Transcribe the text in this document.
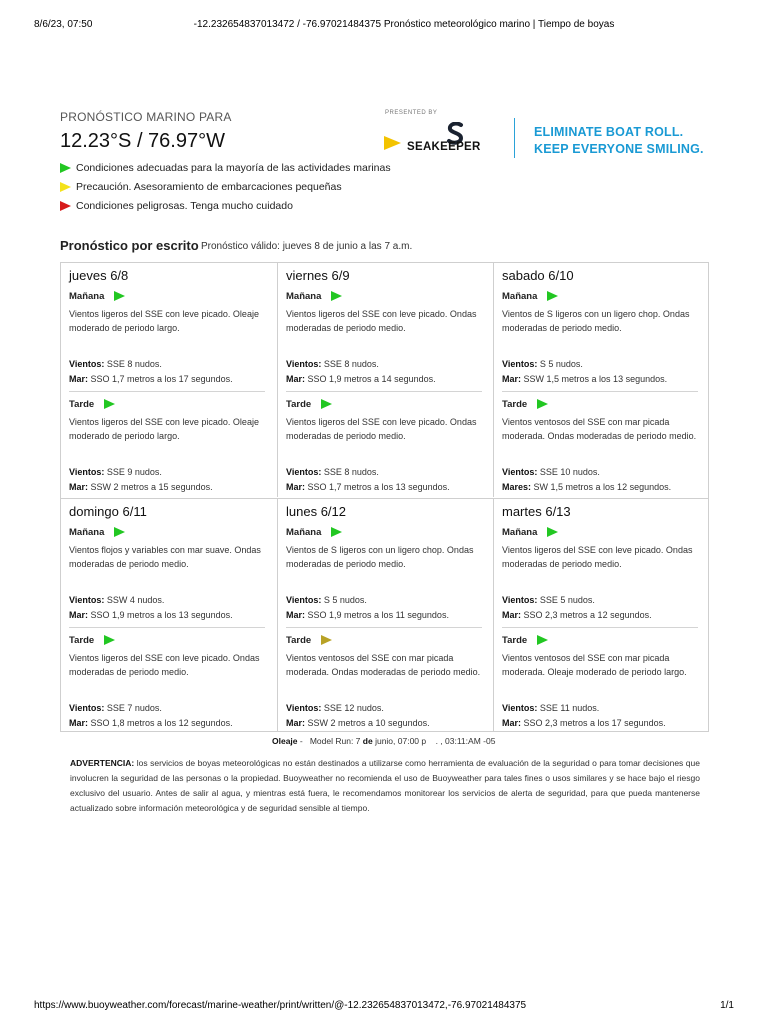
8/6/23, 07:50	-12.232654837013472 / -76.97021484375 Pronóstico meteorológico marino | Tiempo de boyas
PRONÓSTICO MARINO PARA
12.23°S / 76.97°W
Condiciones adecuadas para la mayoría de las actividades marinas
Precaución. Asesoramiento de embarcaciones pequeñas
Condiciones peligrosas. Tenga mucho cuidado
PRESENTED BY
SEAKEEPER
ELIMINATE BOAT ROLL.
KEEP EVERYONE SMILING.
Pronóstico por escrito Pronóstico válido: jueves 8 de junio a las 7 a.m.
jueves 6/8
Mañana
Vientos ligeros del SSE con leve picado. Oleaje moderado de periodo largo.
Vientos: SSE 8 nudos.
Mar: SSO 1,7 metros a los 17 segundos.
Tarde
Vientos ligeros del SSE con leve picado. Oleaje moderado de periodo largo.
Vientos: SSE 9 nudos.
Mar: SSW 2 metros a 15 segundos.
viernes 6/9
Mañana
Vientos ligeros del SSE con leve picado. Ondas moderadas de periodo medio.
Vientos: SSE 8 nudos.
Mar: SSO 1,9 metros a 14 segundos.
Tarde
Vientos ligeros del SSE con leve picado. Ondas moderadas de periodo medio.
Vientos: SSE 8 nudos.
Mar: SSO 1,7 metros a los 13 segundos.
sabado 6/10
Mañana
Vientos de S ligeros con un ligero chop. Ondas moderadas de periodo medio.
Vientos: S 5 nudos.
Mar: SSW 1,5 metros a los 13 segundos.
Tarde
Vientos ventosos del SSE con mar picada moderada. Ondas moderadas de periodo medio.
Vientos: SSE 10 nudos.
Mares: SW 1,5 metros a los 12 segundos.
domingo 6/11
Mañana
Vientos flojos y variables con mar suave. Ondas moderadas de periodo medio.
Vientos: SSW 4 nudos.
Mar: SSO 1,9 metros a los 13 segundos.
Tarde
Vientos ligeros del SSE con leve picado. Ondas moderadas de periodo medio.
Vientos: SSE 7 nudos.
Mar: SSO 1,8 metros a los 12 segundos.
lunes 6/12
Mañana
Vientos de S ligeros con un ligero chop. Ondas moderadas de periodo medio.
Vientos: S 5 nudos.
Mar: SSO 1,9 metros a los 11 segundos.
Tarde
Vientos ventosos del SSE con mar picada moderada. Ondas moderadas de periodo medio.
Vientos: SSE 12 nudos.
Mar: SSW 2 metros a 10 segundos.
martes 6/13
Mañana
Vientos ligeros del SSE con leve picado. Ondas moderadas de periodo medio.
Vientos: SSE 5 nudos.
Mar: SSO 2,3 metros a 12 segundos.
Tarde
Vientos ventosos del SSE con mar picada moderada. Oleaje moderado de periodo largo.
Vientos: SSE 11 nudos.
Mar: SSO 2,3 metros a los 17 segundos.
Oleaje - Model Run: 7 de junio, 07:00 p . , 03:11:AM -05
ADVERTENCIA: los servicios de boyas meteorológicas no están destinados a utilizarse como herramienta de evaluación de la seguridad o para tomar decisiones que involucren la seguridad de las personas o la propiedad. Buoyweather no recomienda el uso de Buoyweather para tales fines o usos similares y se hace bajo el riesgo exclusivo del usuario. Antes de salir al agua, y mientras está fuera, le recomendamos monitorear los servicios de alerta de seguridad, para que pueda mantenerse actualizado sobre información meteorológica y de seguridad sensible al tiempo.
https://www.buoyweather.com/forecast/marine-weather/print/written/@-12.232654837013472,-76.97021484375	1/1
